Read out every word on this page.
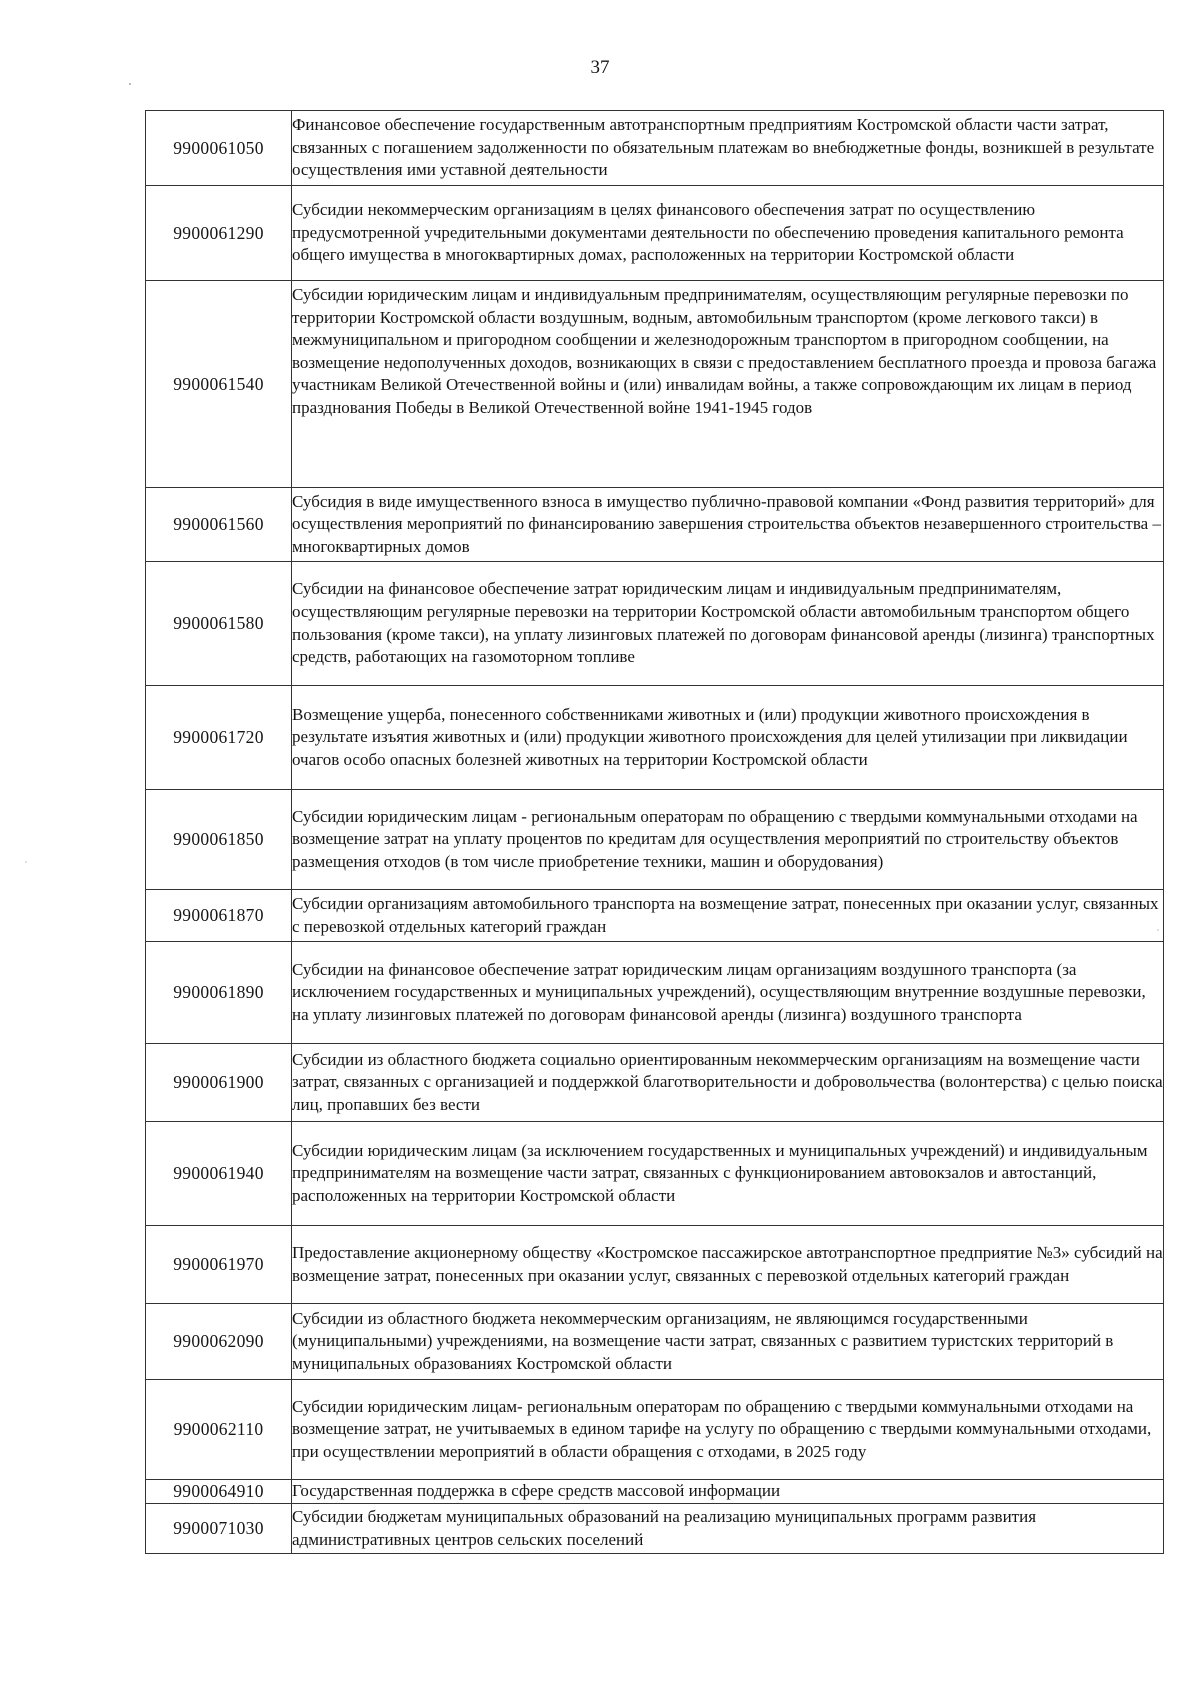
37
9900061050	Финансовое обеспечение государственным автотранспортным предприятиям Костромской области части затрат, связанных с погашением задолженности по обязательным платежам во внебюджетные фонды, возникшей в результате осуществления ими уставной деятельности
9900061290	Субсидии некоммерческим организациям в целях финансового обеспечения затрат по осуществлению предусмотренной учредительными документами деятельности по обеспечению проведения капитального ремонта общего имущества в многоквартирных домах, расположенных на территории Костромской области
9900061540	Субсидии юридическим лицам и индивидуальным предпринимателям, осуществляющим регулярные перевозки по территории Костромской области воздушным, водным, автомобильным транспортом (кроме легкового такси) в межмуниципальном и пригородном сообщении и железнодорожным транспортом в пригородном сообщении, на возмещение недополученных доходов, возникающих в связи с предоставлением бесплатного проезда и провоза багажа участникам Великой Отечественной войны и (или) инвалидам войны, а также сопровождающим их лицам в период празднования Победы в Великой Отечественной войне 1941-1945 годов
9900061560	Субсидия в виде имущественного взноса в имущество публично-правовой компании «Фонд развития территорий» для осуществления мероприятий по финансированию завершения строительства объектов незавершенного строительства – многоквартирных домов
9900061580	Субсидии на финансовое обеспечение затрат юридическим лицам и индивидуальным предпринимателям, осуществляющим регулярные перевозки на территории Костромской области автомобильным транспортом общего пользования (кроме такси), на уплату лизинговых платежей по договорам финансовой аренды (лизинга) транспортных средств, работающих на газомоторном топливе
9900061720	Возмещение ущерба, понесенного собственниками животных и (или) продукции животного происхождения в результате изъятия животных и (или) продукции животного происхождения для целей утилизации при ликвидации очагов особо опасных болезней животных на территории Костромской области
9900061850	Субсидии юридическим лицам - региональным операторам по обращению с твердыми коммунальными отходами на возмещение затрат на уплату процентов по кредитам для осуществления мероприятий по строительству объектов размещения отходов (в том числе приобретение техники, машин и оборудования)
9900061870	Субсидии организациям автомобильного транспорта на возмещение затрат, понесенных при оказании услуг, связанных с перевозкой отдельных категорий граждан
9900061890	Субсидии на финансовое обеспечение затрат юридическим лицам организациям воздушного транспорта (за исключением государственных и муниципальных учреждений), осуществляющим внутренние воздушные перевозки, на уплату лизинговых платежей по договорам финансовой аренды (лизинга) воздушного транспорта
9900061900	Субсидии из областного бюджета социально ориентированным некоммерческим организациям на возмещение части затрат, связанных с организацией и поддержкой благотворительности и добровольчества (волонтерства) с целью поиска лиц, пропавших без вести
9900061940	Субсидии юридическим лицам (за исключением государственных и муниципальных учреждений) и индивидуальным предпринимателям на возмещение части затрат, связанных с функционированием автовокзалов и автостанций, расположенных на территории Костромской области
9900061970	Предоставление акционерному обществу «Костромское пассажирское автотранспортное предприятие №3» субсидий на возмещение затрат, понесенных при оказании услуг, связанных с перевозкой отдельных категорий граждан
9900062090	Субсидии из областного бюджета некоммерческим организациям, не являющимся государственными (муниципальными) учреждениями, на возмещение части затрат, связанных с развитием туристских территорий в муниципальных образованиях Костромской области
9900062110	Субсидии юридическим лицам- региональным операторам по обращению с твердыми коммунальными отходами на возмещение затрат, не учитываемых в едином тарифе на услугу по обращению с твердыми коммунальными отходами, при осуществлении мероприятий в области обращения с отходами, в 2025 году
9900064910	Государственная поддержка в сфере средств массовой информации
9900071030	Субсидии бюджетам муниципальных образований на реализацию муниципальных программ развития административных центров сельских поселений
